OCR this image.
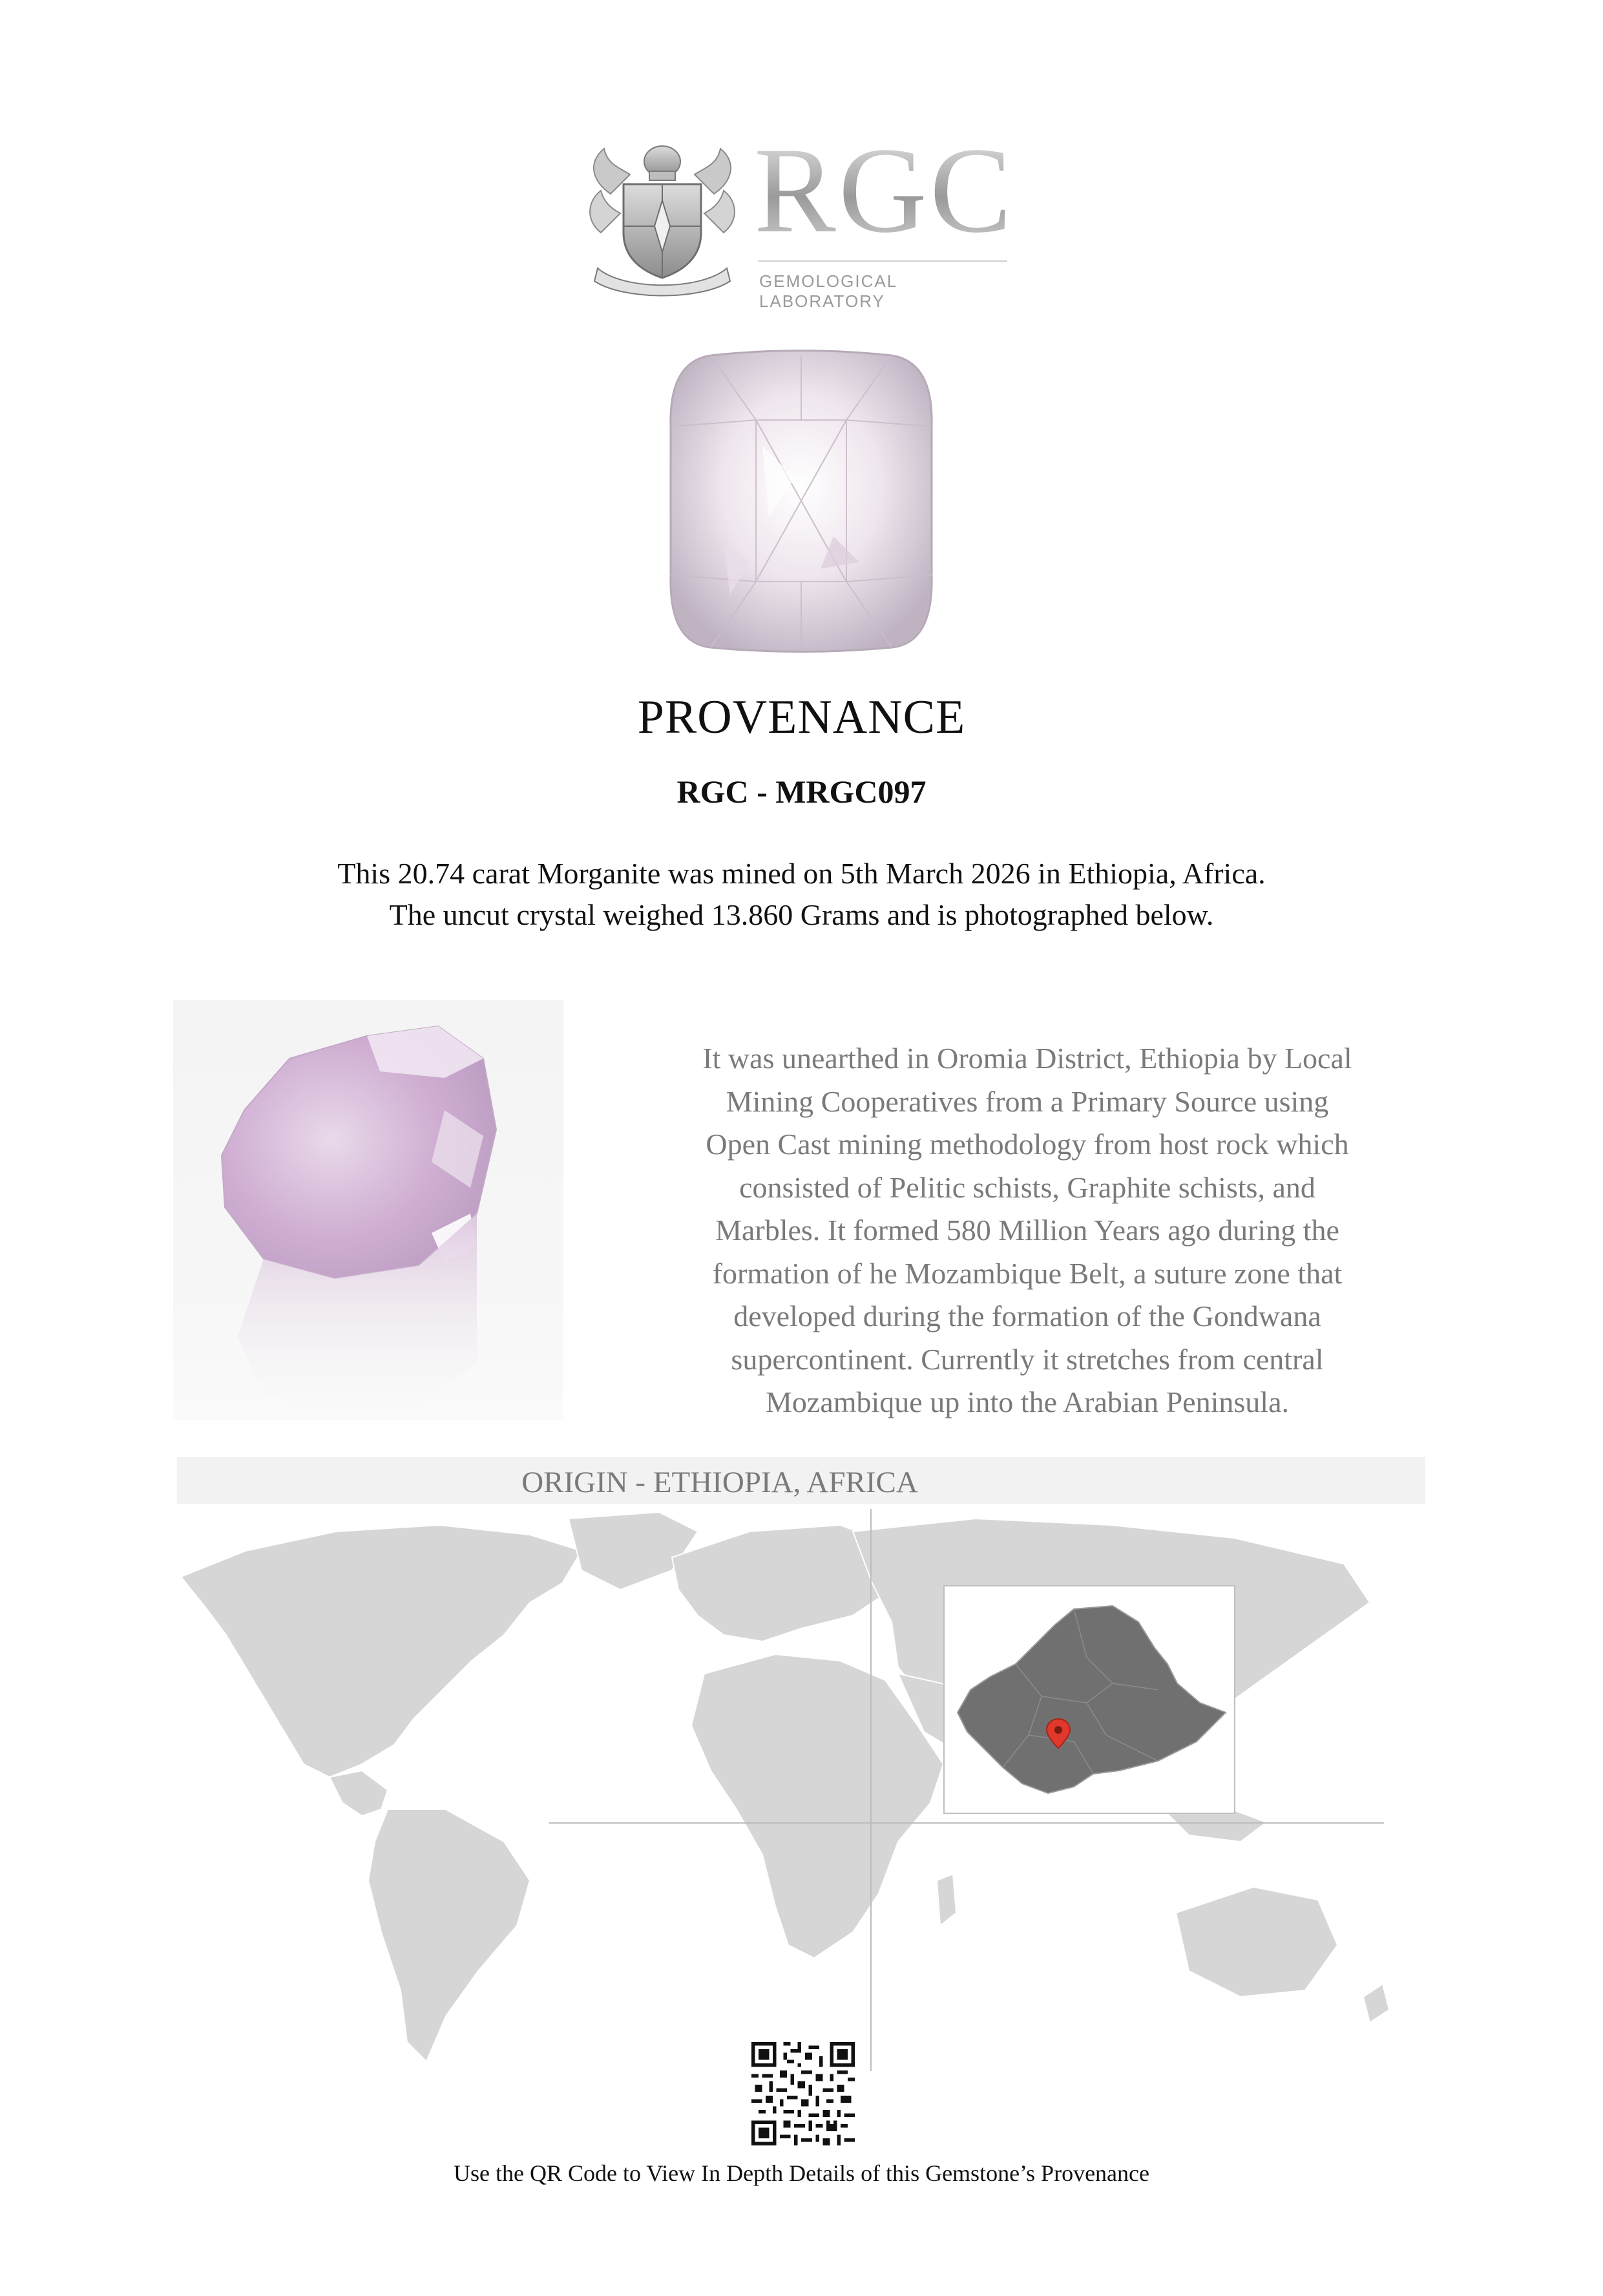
RGC
GEMOLOGICAL LABORATORY
PROVENANCE
RGC - MRGC097
This 20.74 carat Morganite was mined on 5th March 2026 in Ethiopia, Africa.
The uncut crystal weighed 13.860 Grams and is photographed below.
It was unearthed in Oromia District, Ethiopia by Local
Mining Cooperatives from a Primary Source using
Open Cast mining methodology from host rock which
consisted of Pelitic schists, Graphite schists, and
Marbles. It formed 580 Million Years ago during the
formation of he Mozambique Belt, a suture zone that
developed during the formation of the Gondwana
supercontinent. Currently it stretches from central
Mozambique up into the Arabian Peninsula.
ORIGIN - ETHIOPIA, AFRICA
Use the QR Code to View In Depth Details of this Gemstone’s Provenance
